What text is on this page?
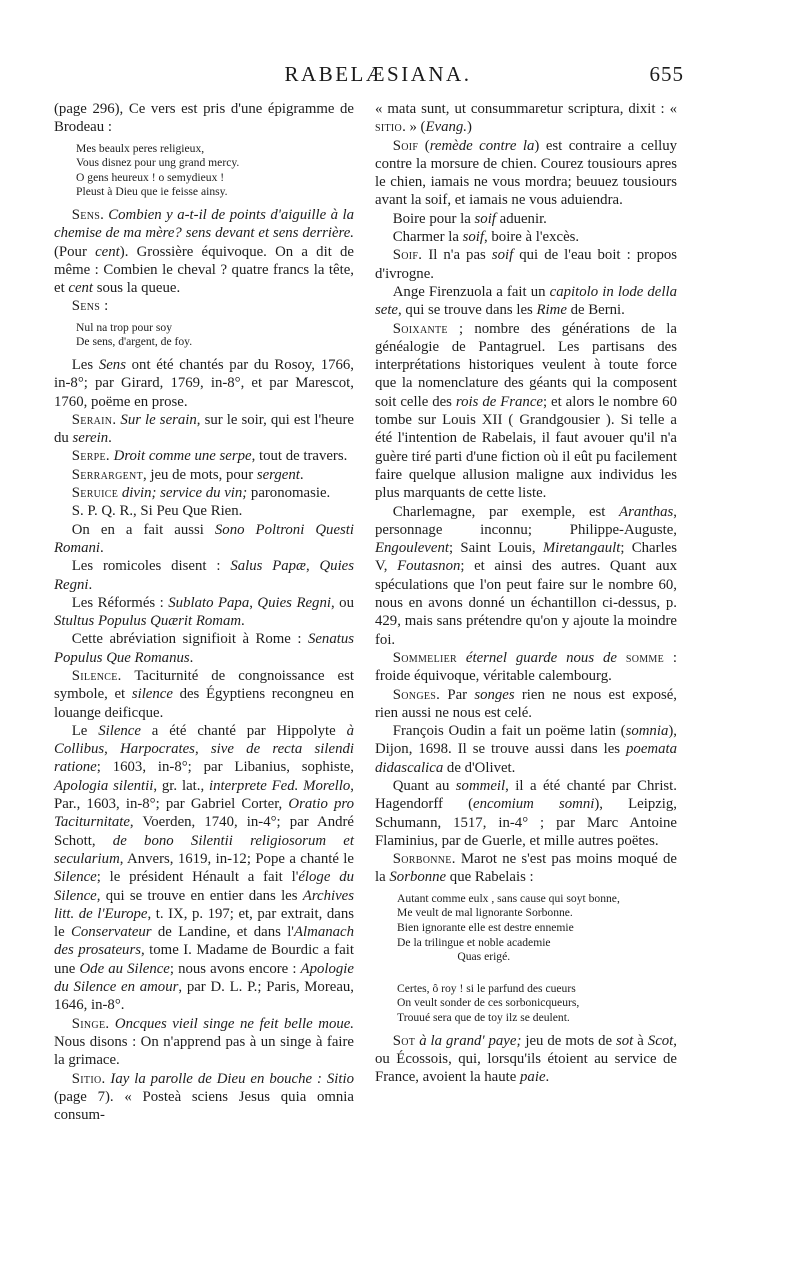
RABELÆSIANA.	655

(page 296), Ce vers est pris d'une épigramme de Brodeau :

Mes beaulx peres religieux,
Vous disnez pour ung grand mercy.
O gens heureux ! o semydieux !
Pleust à Dieu que ie feisse ainsy.

Sens. Combien y a-t-il de points d'aiguille à la chemise de ma mère? sens devant et sens derrière. (Pour cent). Grossière équivoque. On a dit de même : Combien le cheval ? quatre francs la tête, et cent sous la queue.

Sens :

Nul na trop pour soy
De sens, d'argent, de foy.

Les Sens ont été chantés par du Rosoy, 1766, in-8°; par Girard, 1769, in-8°, et par Marescot, 1760, poëme en prose.

Serain. Sur le serain, sur le soir, qui est l'heure du serein.

Serpe. Droit comme une serpe, tout de travers.

Serrargent, jeu de mots, pour sergent.

Seruice divin; service du vin; paronomasie.

S. P. Q. R., Si Peu Que Rien.

On en a fait aussi Sono Poltroni Questi Romani.

Les romicoles disent : Salus Papæ, Quies Regni.

Les Réformés : Sublato Papa, Quies Regni, ou Stultus Populus Quærit Romam.

Cette abréviation signifioit à Rome : Senatus Populus Que Romanus.

Silence. Taciturnité de congnoissance est symbole, et silence des Égyptiens recongneu en louange deificque.

Le Silence a été chanté par Hippolyte à Collibus, Harpocrates, sive de recta silendi ratione; 1603, in-8°; par Libanius, sophiste, Apologia silentii, gr. lat., interprete Fed. Morello, Par., 1603, in-8°; par Gabriel Corter, Oratio pro Taciturnitate, Voerden, 1740, in-4°; par André Schott, de bono Silentii religiosorum et secularium, Anvers, 1619, in-12; Pope a chanté le Silence; le président Hénault a fait l'éloge du Silence, qui se trouve en entier dans les Archives litt. de l'Europe, t. IX, p. 197; et, par extrait, dans le Conservateur de Landine, et dans l'Almanach des prosateurs, tome I. Madame de Bourdic a fait une Ode au Silence; nous avons encore : Apologie du Silence en amour, par D. L. P.; Paris, Moreau, 1646, in-8°.

Singe. Oncques vieil singe ne feit belle moue. Nous disons : On n'apprend pas à un singe à faire la grimace.

Sitio. Iay la parolle de Dieu en bouche : Sitio (page 7). « Posteà sciens Jesus quia omnia consum-

« mata sunt, ut consummaretur scriptura, dixit : « sitio. » (Evang.)

Soif (remède contre la) est contraire a celluy contre la morsure de chien. Courez tousiours apres le chien, iamais ne vous mordra; beuuez tousiours avant la soif, et iamais ne vous aduiendra.

Boire pour la soif aduenir.

Charmer la soif, boire à l'excès.

Soif. Il n'a pas soif qui de l'eau boit : propos d'ivrogne.

Ange Firenzuola a fait un capitolo in lode della sete, qui se trouve dans les Rime de Berni.

Soixante ; nombre des générations de la généalogie de Pantagruel. Les partisans des interprétations historiques veulent à toute force que la nomenclature des géants qui la composent soit celle des rois de France; et alors le nombre 60 tombe sur Louis XII ( Grandgousier ). Si telle a été l'intention de Rabelais, il faut avouer qu'il n'a guère tiré parti d'une fiction où il eût pu facilement faire quelque allusion maligne aux individus les plus marquants de cette liste.

Charlemagne, par exemple, est Aranthas, personnage inconnu; Philippe-Auguste, Engoulevent; Saint Louis, Miretangault; Charles V, Foutasnon; et ainsi des autres. Quant aux spéculations que l'on peut faire sur le nombre 60, nous en avons donné un échantillon ci-dessus, p. 429, mais sans prétendre qu'on y ajoute la moindre foi.

Sommelier éternel guarde nous de somme : froide équivoque, véritable calembourg.

Songes. Par songes rien ne nous est exposé, rien aussi ne nous est celé.

François Oudin a fait un poëme latin (somnia), Dijon, 1698. Il se trouve aussi dans les poemata didascalica de d'Olivet.

Quant au sommeil, il a été chanté par Christ. Hagendorff (encomium somni), Leipzig, Schumann, 1517, in-4° ; par Marc Antoine Flaminius, par de Guerle, et mille autres poëtes.

Sorbonne. Marot ne s'est pas moins moqué de la Sorbonne que Rabelais :

Autant comme eulx , sans cause qui soyt bonne,
Me veult de mal lignorante Sorbonne.
Bien ignorante elle est destre ennemie
De la trilingue et noble academie
Quas erigé.
Certes, ô roy ! si le parfund des cueurs
On veult sonder de ces sorbonicqueurs,
Trouué sera que de toy ilz se deulent.

Sot à la grand' paye; jeu de mots de sot à Scot, ou Écossois, qui, lorsqu'ils étoient au service de France, avoient la haute paie.
